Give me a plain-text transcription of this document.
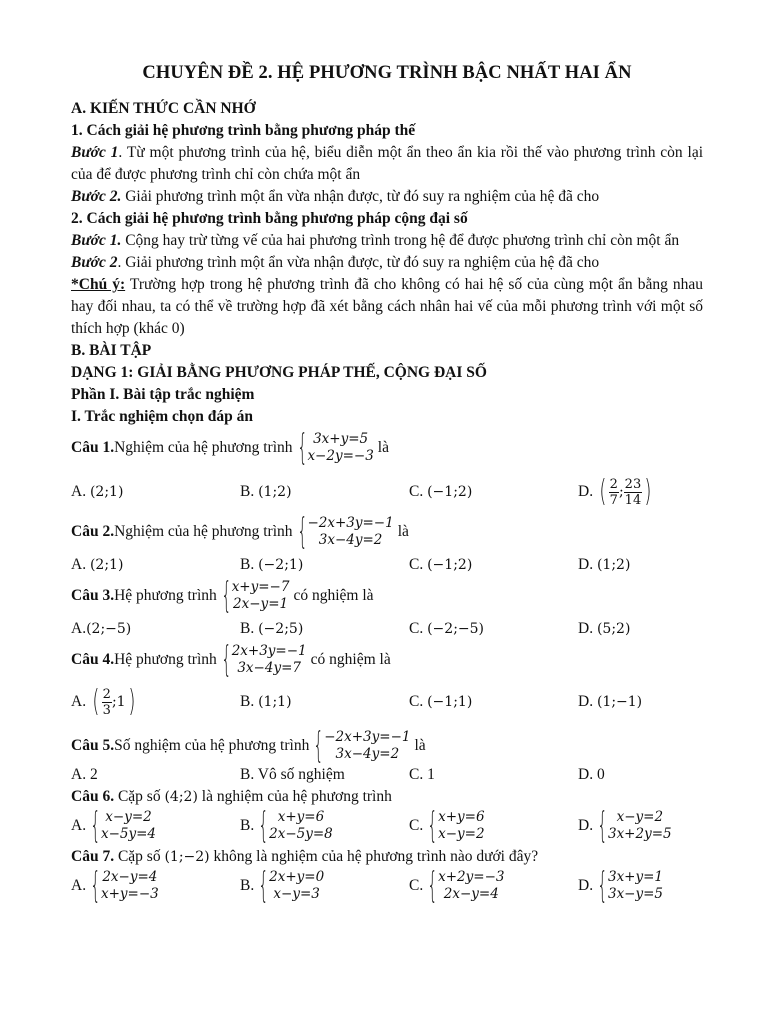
CHUYÊN ĐỀ 2. HỆ PHƯƠNG TRÌNH BẬC NHẤT HAI ẨN

A. KIẾN THỨC CẦN NHỚ

1. Cách giải hệ phương trình bằng phương pháp thế

Bước 1. Từ một phương trình của hệ, biểu diễn một ẩn theo ẩn kia rồi thế vào phương trình còn lại của để được phương trình chỉ còn chứa một ẩn

Bước 2. Giải phương trình một ẩn vừa nhận được, từ đó suy ra nghiệm của hệ đã cho

2. Cách giải hệ phương trình bằng phương pháp cộng đại số

Bước 1. Cộng hay trừ từng vế của hai phương trình trong hệ để được phương trình chỉ còn một ẩn

Bước 2. Giải phương trình một ẩn vừa nhận được, từ đó suy ra nghiệm của hệ đã cho

*Chú ý: Trường hợp trong hệ phương trình đã cho không có hai hệ số của cùng một ẩn bằng nhau hay đối nhau, ta có thể về trường hợp đã xét bằng cách nhân hai vế của mỗi phương trình với một số thích hợp (khác 0)

B. BÀI TẬP

DẠNG 1: GIẢI BẰNG PHƯƠNG PHÁP THẾ, CỘNG ĐẠI SỐ

Phần I. Bài tập trắc nghiệm

I. Trắc nghiệm chọn đáp án

Câu 1. Nghiệm của hệ phương trình { 3x+y=5
x−2y=−3 là
A.
(2;1)	B.
(1;2)	C.
(−1;2)	D.
( $\frac{2}{7}$ ; $\frac{23}{14}$ )
Câu 2. Nghiệm của hệ phương trình { −2x+3y=−1
3x−4y=2 là
A.
(2;1)	B.
(−2;1)	C.
(−1;2)	D.
(1;2)
Câu 3. Hệ phương trình { x+y=−7
2x−y=1 có nghiệm là
A. (2;−5)	B.
(−2;5)	C.
(−2;−5)	D.
(5;2)
Câu 4. Hệ phương trình { 2x+3y=−1
3x−4y=7 có nghiệm là
A.
( $\frac{2}{3}$ ;1 )	B.
(1;1)	C.
(−1;1)	D.
(1;−1)
Câu 5. Số nghiệm của hệ phương trình { −2x+3y=−1
3x−4y=2 là
A. 2	B. Vô số nghiệm	C. 1	D. 0

Câu 6. Cặp số (4;2) là nghiệm của hệ phương trình

A. { x−y=2
x−5y=4	B. { x+y=6
2x−5y=8	C. { x+y=6
x−y=2	D. { x−y=2
3x+2y=5

Câu 7. Cặp số (1;−2) không là nghiệm của hệ phương trình nào dưới đây?

A. { 2x−y=4
x+y=−3	B. { 2x+y=0
x−y=3	C. { x+2y=−3
2x−y=4	D. { 3x+y=1
3x−y=5
